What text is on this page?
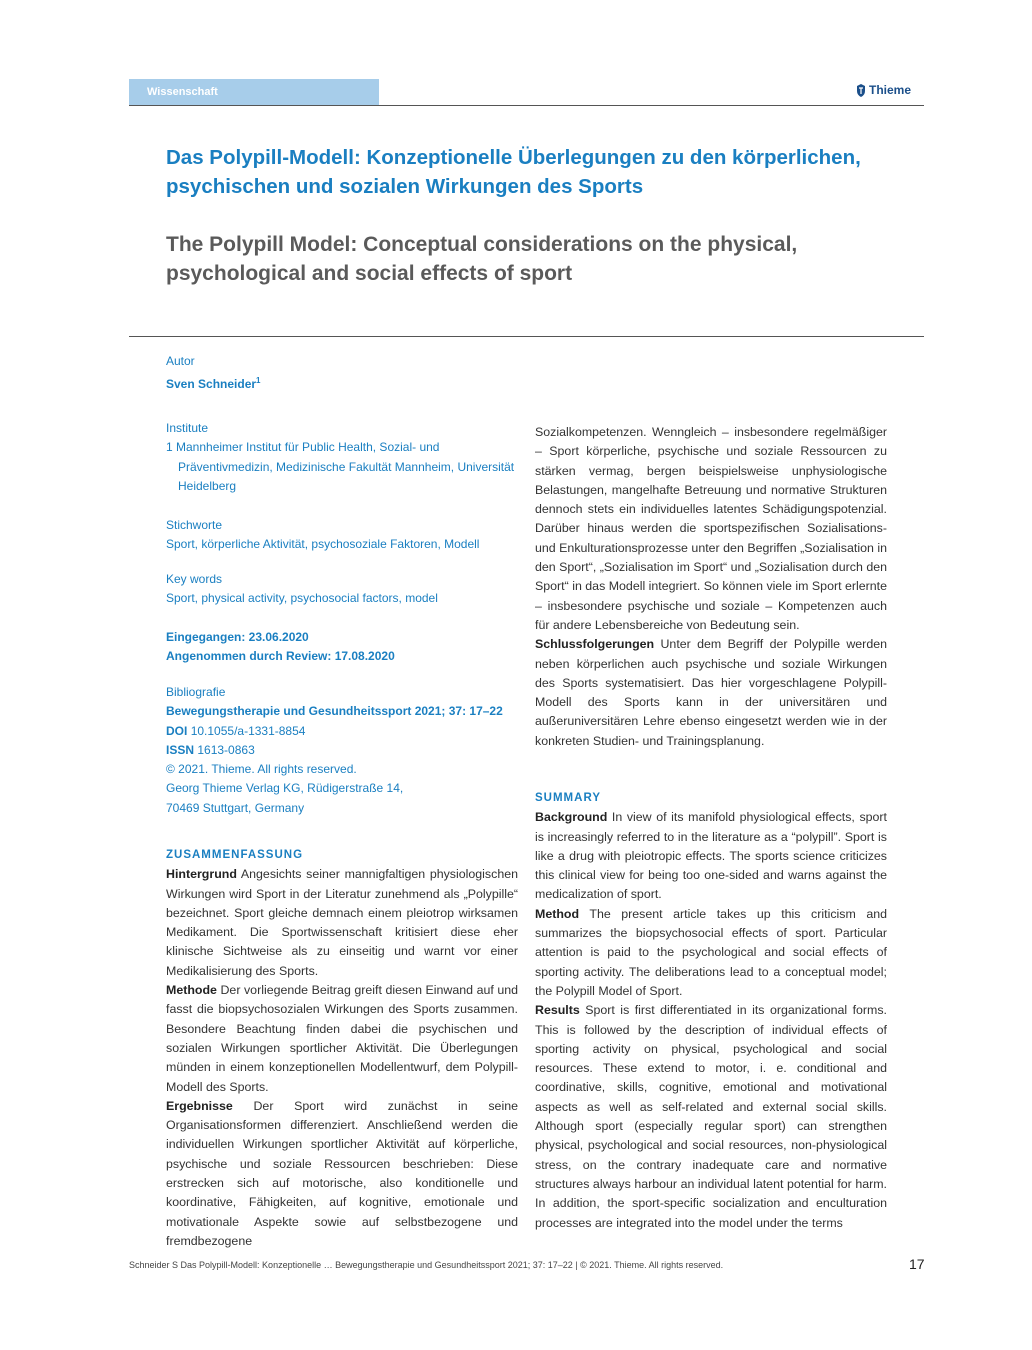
Wissenschaft	Thieme
Das Polypill-Modell: Konzeptionelle Überlegungen zu den körperlichen, psychischen und sozialen Wirkungen des Sports
The Polypill Model: Conceptual considerations on the physical, psychological and social effects of sport
Autor
Sven Schneider$^1$
Institute
1 Mannheimer Institut für Public Health, Sozial- und Präventivmedizin, Medizinische Fakultät Mannheim, Universität Heidelberg
Stichworte
Sport, körperliche Aktivität, psychosoziale Faktoren, Modell
Key words
Sport, physical activity, psychosocial factors, model
Eingegangen: 23.06.2020
Angenommen durch Review: 17.08.2020
Bibliografie
Bewegungstherapie und Gesundheitssport 2021; 37: 17–22
DOI 10.1055/a-1331-8854
ISSN 1613-0863
© 2021. Thieme. All rights reserved.
Georg Thieme Verlag KG, Rüdigerstraße 14,
70469 Stuttgart, Germany
ZUSAMMENFASSUNG

Hintergrund Angesichts seiner mannigfaltigen physiologischen Wirkungen wird Sport in der Literatur zunehmend als „Polypille“ bezeichnet. Sport gleiche demnach einem pleiotrop wirksamen Medikament. Die Sportwissenschaft kritisiert diese eher klinische Sichtweise als zu einseitig und warnt vor einer Medikalisierung des Sports.

Methode Der vorliegende Beitrag greift diesen Einwand auf und fasst die biopsychosozialen Wirkungen des Sports zusammen. Besondere Beachtung finden dabei die psychischen und sozialen Wirkungen sportlicher Aktivität. Die Überlegungen münden in einem konzeptionellen Modellentwurf, dem Polypill-Modell des Sports.

Ergebnisse Der Sport wird zunächst in seine Organisationsformen differenziert. Anschließend werden die individuellen Wirkungen sportlicher Aktivität auf körperliche, psychische und soziale Ressourcen beschrieben: Diese erstrecken sich auf motorische, also konditionelle und koordinative, Fähigkeiten, auf kognitive, emotionale und motivationale Aspekte sowie auf selbstbezogene und fremdbezogene

Sozialkompetenzen. Wenngleich – insbesondere regelmäßiger – Sport körperliche, psychische und soziale Ressourcen zu stärken vermag, bergen beispielsweise unphysiologische Belastungen, mangelhafte Betreuung und normative Strukturen dennoch stets ein individuelles latentes Schädigungspotenzial. Darüber hinaus werden die sportspezifischen Sozialisations- und Enkulturationsprozesse unter den Begriffen „Sozialisation in den Sport“, „Sozialisation im Sport“ und „Sozialisation durch den Sport“ in das Modell integriert. So können viele im Sport erlernte – insbesondere psychische und soziale – Kompetenzen auch für andere Lebensbereiche von Bedeutung sein.

Schlussfolgerungen Unter dem Begriff der Polypille werden neben körperlichen auch psychische und soziale Wirkungen des Sports systematisiert. Das hier vorgeschlagene Polypill-Modell des Sports kann in der universitären und außeruniversitären Lehre ebenso eingesetzt werden wie in der konkreten Studien- und Trainingsplanung.

SUMMARY

Background In view of its manifold physiological effects, sport is increasingly referred to in the literature as a “polypill”. Sport is like a drug with pleiotropic effects. The sports science criticizes this clinical view for being too one-sided and warns against the medicalization of sport.

Method The present article takes up this criticism and summarizes the biopsychosocial effects of sport. Particular attention is paid to the psychological and social effects of sporting activity. The deliberations lead to a conceptual model; the Polypill Model of Sport.

Results Sport is first differentiated in its organizational forms. This is followed by the description of individual effects of sporting activity on physical, psychological and social resources. These extend to motor, i. e. conditional and coordinative, skills, cognitive, emotional and motivational aspects as well as self-related and external social skills. Although sport (especially regular sport) can strengthen physical, psychological and social resources, non-physiological stress, on the contrary inadequate care and normative structures always harbour an individual latent potential for harm. In addition, the sport-specific socialization and enculturation processes are integrated into the model under the terms

Schneider S Das Polypill-Modell: Konzeptionelle … Bewegungstherapie und Gesundheitssport 2021; 37: 17–22 | © 2021. Thieme. All rights reserved.	17
